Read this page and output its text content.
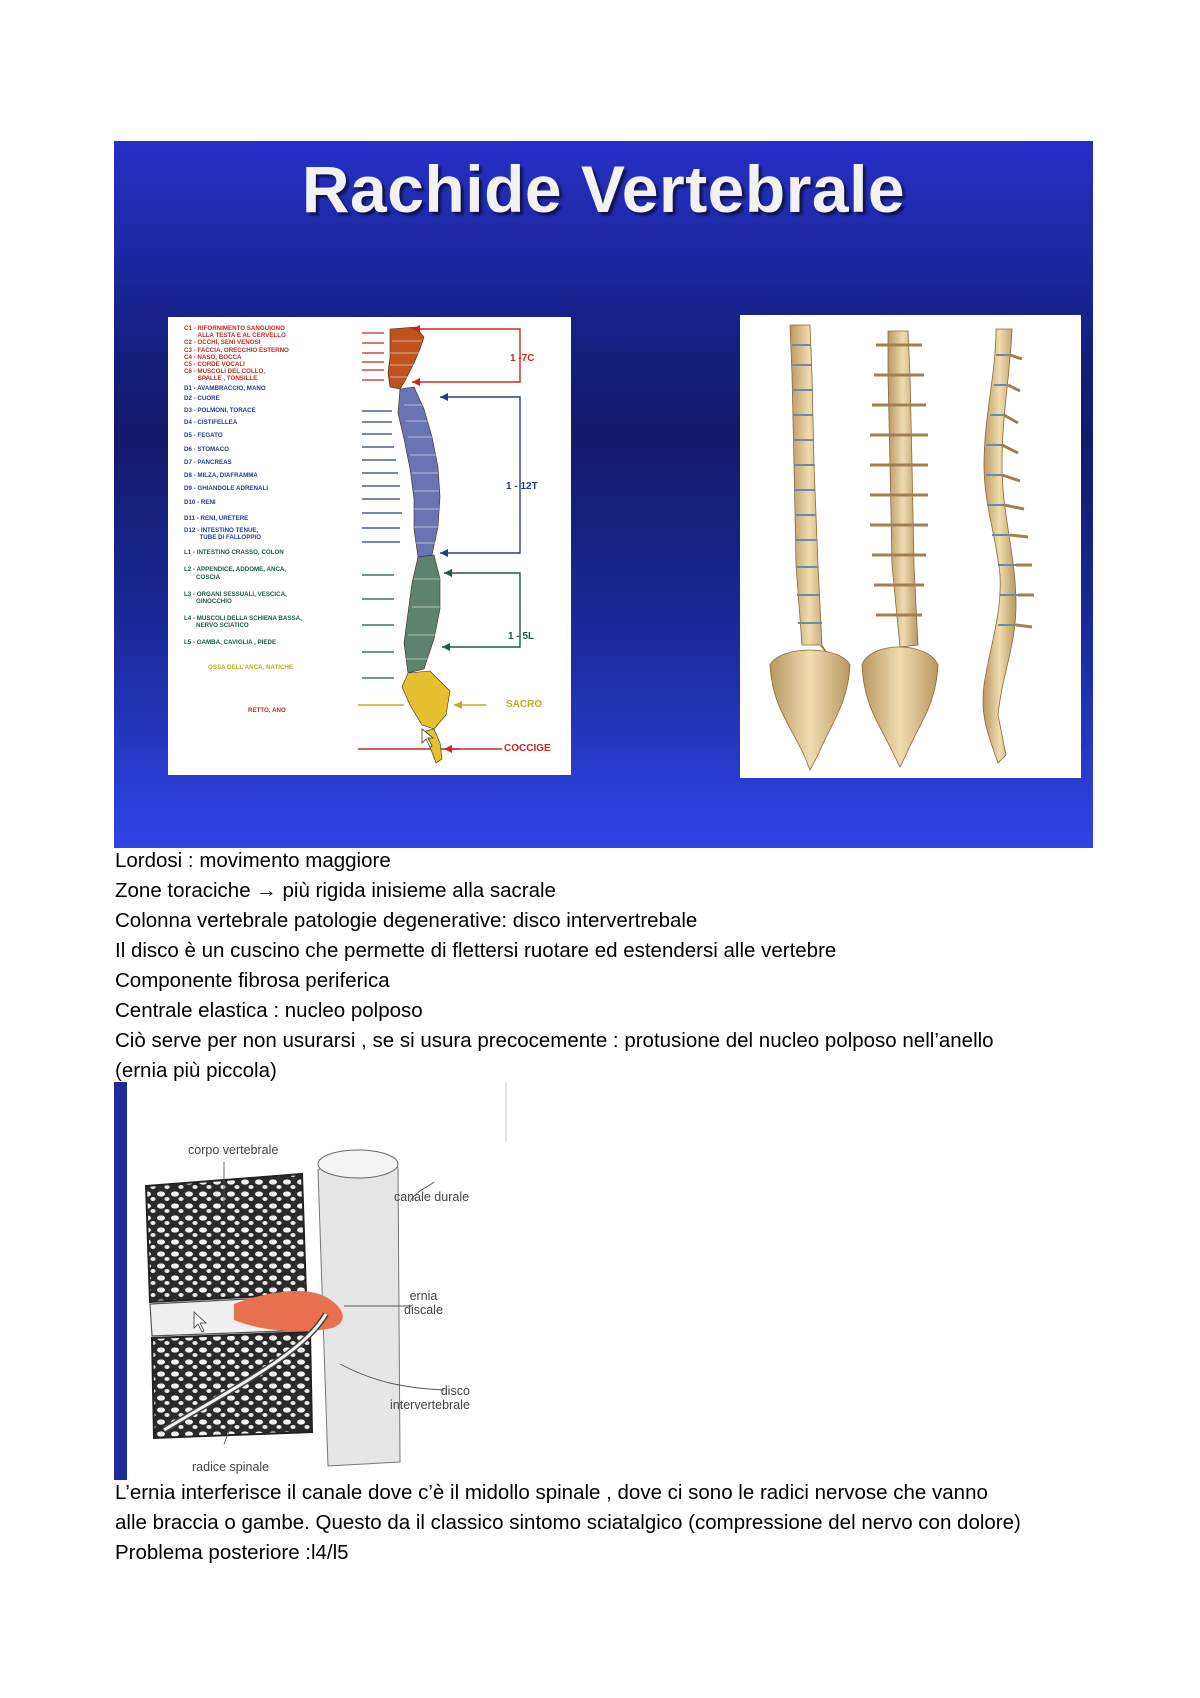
Rachide Vertebrale
C1 - RIFORNIMENTO SANGUIGNO
ALLA TESTA E AL CERVELLO
C2 - OCCHI, SENI VENOSI
C3 - FACCIA, ORECCHIO ESTERNO
C4 - NASO, BOCCA
C5 - CORDE VOCALI
C6 - MUSCOLI DEL COLLO,
SPALLE , TONSILLE
D1 - AVAMBRACCIO, MANO
D2 - CUORE
D3 - POLMONI, TORACE
D4 - CISTIFELLEA
D5 - FEGATO
D6 - STOMACO
D7 - PANCREAS
D8 - MILZA, DIAFRAMMA
D9 - GHIANDOLE ADRENALI
D10 - RENI
D11 - RENI, URETERE
D12 - INTESTINO TENUE,
TUBE DI FALLOPPIO
L1 - INTESTINO CRASSO, COLON
L2 - APPENDICE, ADDOME, ANCA,
COSCIA
L3 - ORGANI SESSUALI, VESCICA,
GINOCCHIO
L4 - MUSCOLI DELLA SCHIENA BASSA,
NERVO SCIATICO
L5 - GAMBA, CAVIGLIA , PIEDE
OSSA DELL'ANCA, NATICHE
RETTO, ANO
1 -7C
1 - 12T
1 - 5L
SACRO
COCCIGE

Lordosi : movimento maggiore

Zone toraciche → più rigida inisieme alla sacrale

Colonna vertebrale patologie degenerative: disco intervertrebale

Il disco è un cuscino che permette di flettersi ruotare ed estendersi alle vertebre

Componente fibrosa periferica

Centrale elastica : nucleo polposo

Ciò serve per non usurarsi , se si usura precocemente : protusione del nucleo polposo nell’anello

(ernia più piccola)

corpo vertebrale
canale durale
ernia
discale
disco
intervertebrale
radice spinale

L’ernia interferisce il canale dove c’è il midollo spinale , dove ci sono le radici nervose che vanno

alle braccia o gambe. Questo da il classico sintomo sciatalgico (compressione del nervo con dolore)

Problema posteriore :l4/l5
